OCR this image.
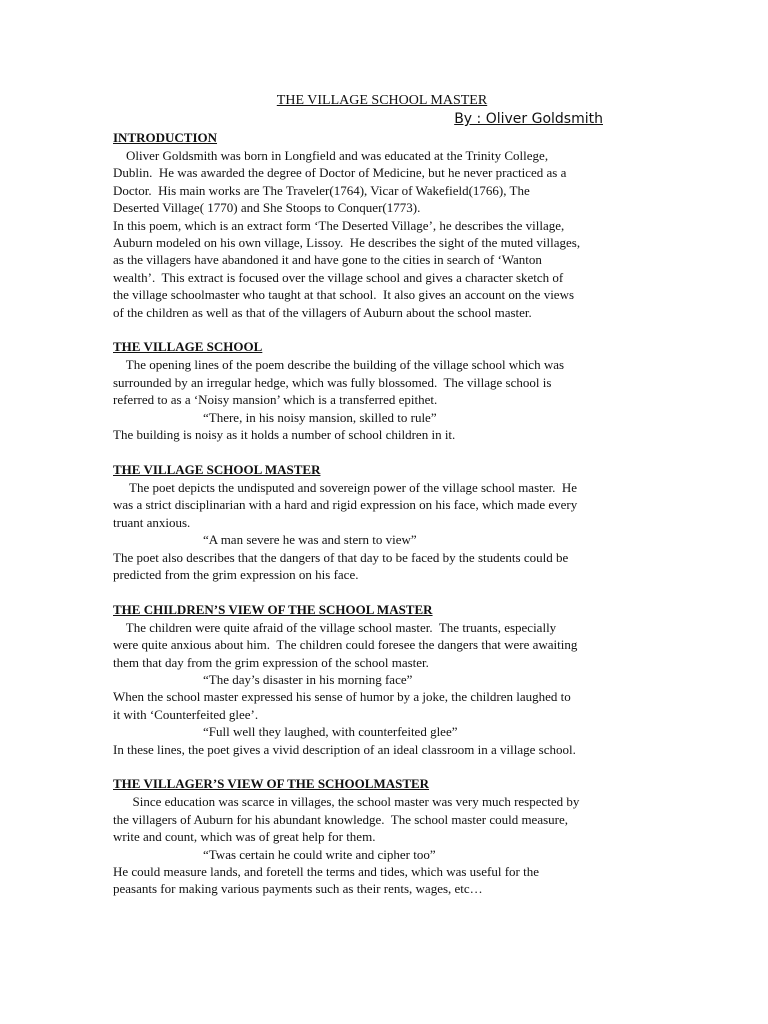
THE VILLAGE SCHOOL MASTER
By : Oliver Goldsmith
INTRODUCTION
Oliver Goldsmith was born in Longfield and was educated at the Trinity College,
Dublin.  He was awarded the degree of Doctor of Medicine, but he never practiced as a
Doctor.  His main works are The Traveler(1764), Vicar of Wakefield(1766), The
Deserted Village( 1770) and She Stoops to Conquer(1773).
In this poem, which is an extract form ‘The Deserted Village’, he describes the village,
Auburn modeled on his own village, Lissoy.  He describes the sight of the muted villages,
as the villagers have abandoned it and have gone to the cities in search of ‘Wanton
wealth’.  This extract is focused over the village school and gives a character sketch of
the village schoolmaster who taught at that school.  It also gives an account on the views
of the children as well as that of the villagers of Auburn about the school master.
THE VILLAGE SCHOOL
The opening lines of the poem describe the building of the village school which was
surrounded by an irregular hedge, which was fully blossomed.  The village school is
referred to as a ‘Noisy mansion’ which is a transferred epithet.
“There, in his noisy mansion, skilled to rule”
The building is noisy as it holds a number of school children in it.
THE VILLAGE SCHOOL MASTER
The poet depicts the undisputed and sovereign power of the village school master.  He
was a strict disciplinarian with a hard and rigid expression on his face, which made every
truant anxious.
“A man severe he was and stern to view”
The poet also describes that the dangers of that day to be faced by the students could be
predicted from the grim expression on his face.
THE CHILDREN’S VIEW OF THE SCHOOL MASTER
The children were quite afraid of the village school master.  The truants, especially
were quite anxious about him.  The children could foresee the dangers that were awaiting
them that day from the grim expression of the school master.
“The day’s disaster in his morning face”
When the school master expressed his sense of humor by a joke, the children laughed to
it with ‘Counterfeited glee’.
“Full well they laughed, with counterfeited glee”
In these lines, the poet gives a vivid description of an ideal classroom in a village school.
THE VILLAGER’S VIEW OF THE SCHOOLMASTER
Since education was scarce in villages, the school master was very much respected by
the villagers of Auburn for his abundant knowledge.  The school master could measure,
write and count, which was of great help for them.
“Twas certain he could write and cipher too”
He could measure lands, and foretell the terms and tides, which was useful for the
peasants for making various payments such as their rents, wages, etc…
